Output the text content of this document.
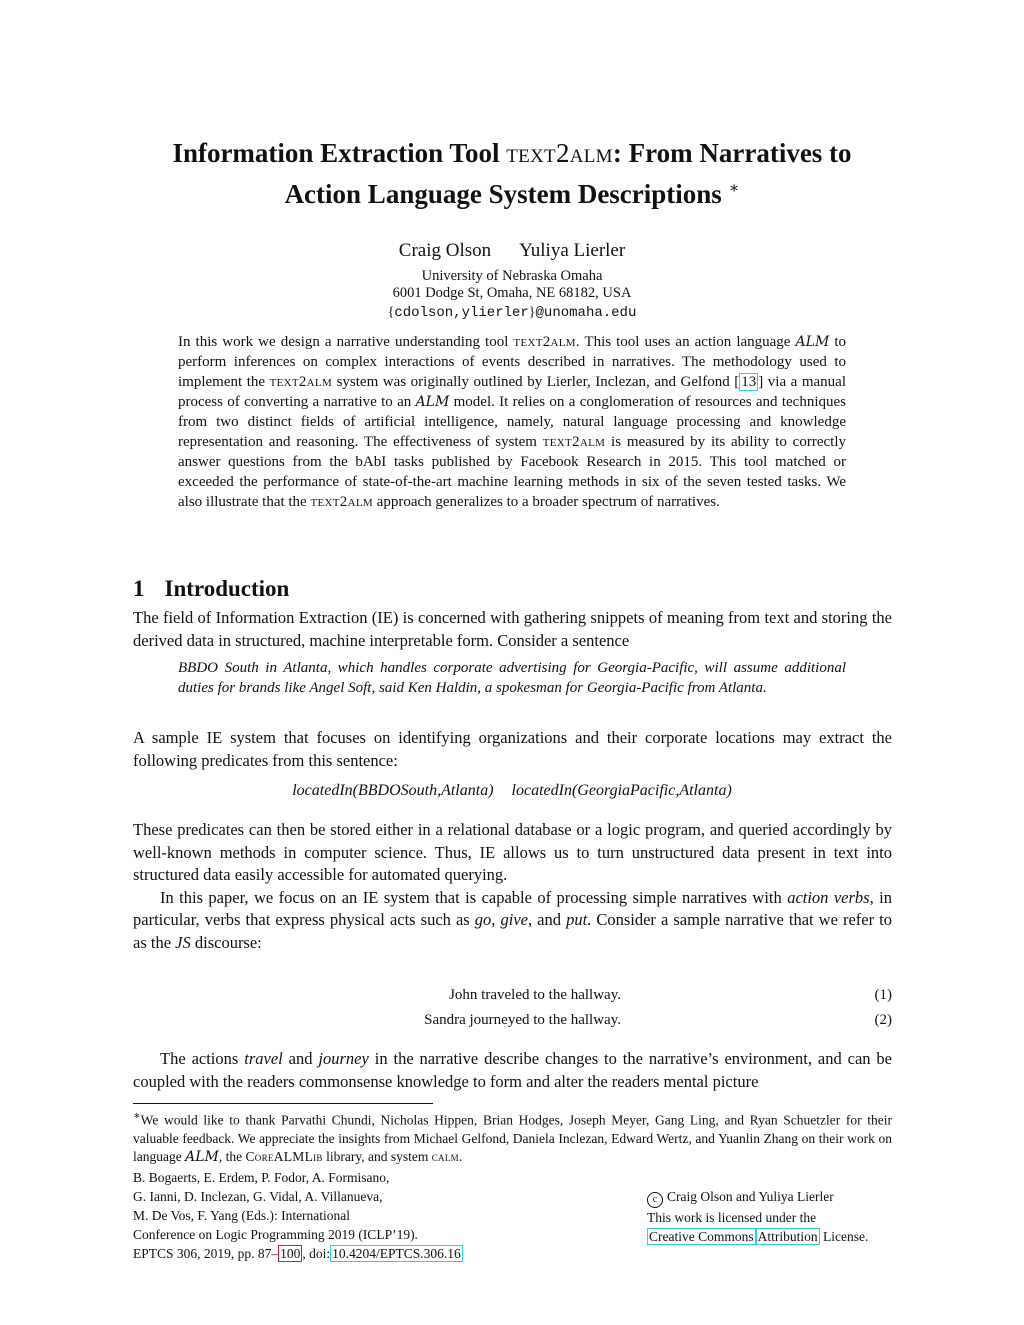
Information Extraction Tool text2alm: From Narratives to
Action Language System Descriptions ∗
Craig Olson Yuliya Lierler
University of Nebraska Omaha
6001 Dodge St, Omaha, NE 68182, USA
{cdolson,ylierler}@unomaha.edu

In this work we design a narrative understanding tool text2alm. This tool uses an action language ALM to perform inferences on complex interactions of events described in narratives. The methodology used to implement the text2alm system was originally outlined by Lierler, Inclezan, and Gelfond [ 13 ] via a manual process of converting a narrative to an ALM model. It relies on a conglomeration of resources and techniques from two distinct fields of artificial intelligence, namely, natural language processing and knowledge representation and reasoning. The effectiveness of system text2alm is measured by its ability to correctly answer questions from the bAbI tasks published by Facebook Research in 2015. This tool matched or exceeded the performance of state-of-the-art machine learning methods in six of the seven tested tasks. We also illustrate that the text2alm approach generalizes to a broader spectrum of narratives.

1 Introduction

The field of Information Extraction (IE) is concerned with gathering snippets of meaning from text and storing the derived data in structured, machine interpretable form. Consider a sentence

BBDO South in Atlanta, which handles corporate advertising for Georgia-Pacific, will assume additional duties for brands like Angel Soft, said Ken Haldin, a spokesman for Georgia-Pacific from Atlanta.

A sample IE system that focuses on identifying organizations and their corporate locations may extract the following predicates from this sentence:

locatedIn(BBDOSouth,Atlanta) locatedIn(GeorgiaPacific,Atlanta)

These predicates can then be stored either in a relational database or a logic program, and queried accordingly by well-known methods in computer science. Thus, IE allows us to turn unstructured data present in text into structured data easily accessible for automated querying.

In this paper, we focus on an IE system that is capable of processing simple narratives with action verbs, in particular, verbs that express physical acts such as go, give, and put. Consider a sample narrative that we refer to as the JS discourse:

John traveled to the hallway.	(1)
Sandra journeyed to the hallway.	(2)

The actions travel and journey in the narrative describe changes to the narrative’s environment, and can be coupled with the readers commonsense knowledge to form and alter the readers mental picture

∗We would like to thank Parvathi Chundi, Nicholas Hippen, Brian Hodges, Joseph Meyer, Gang Ling, and Ryan Schuetzler for their valuable feedback. We appreciate the insights from Michael Gelfond, Daniela Inclezan, Edward Wertz, and Yuanlin Zhang on their work on language ALM, the CoreALMLib library, and system calm.

B. Bogaerts, E. Erdem, P. Fodor, A. Formisano,
G. Ianni, D. Inclezan, G. Vidal, A. Villanueva,
M. De Vos, F. Yang (Eds.): International
Conference on Logic Programming 2019 (ICLP’19).
EPTCS 306, 2019, pp. 87– 100 , doi: 10.4204/EPTCS.306.16
c Craig Olson and Yuliya Lierler
This work is licensed under the
Creative Commons Attribution License.
